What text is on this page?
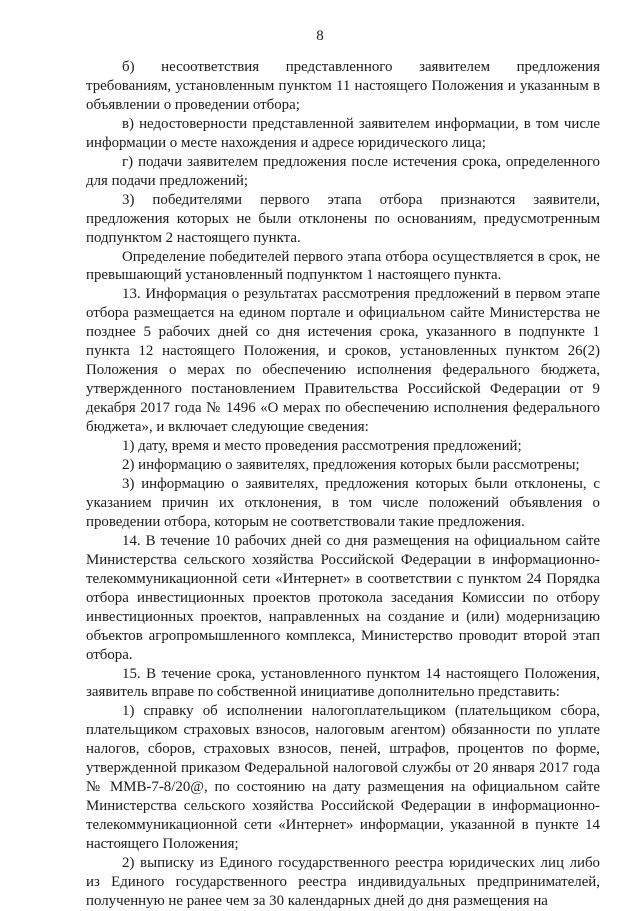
8

б)   несоответствия   представленного   заявителем   предложения требованиям, установленным пунктом 11 настоящего Положения и указанным в объявлении о проведении отбора;

в) недостоверности представленной заявителем информации, в том числе информации о месте нахождения и адресе юридического лица;

г) подачи заявителем предложения после истечения срока, определенного для подачи предложений;

3)   победителями   первого   этапа   отбора   признаются   заявители, предложения которых не были отклонены по основаниям, предусмотренным подпунктом 2 настоящего пункта.

Определение победителей первого этапа отбора осуществляется в срок, не превышающий установленный подпунктом 1 настоящего пункта.

13. Информация о результатах рассмотрения предложений в первом этапе отбора размещается на едином портале и официальном сайте Министерства не позднее 5 рабочих дней со дня истечения срока, указанного в подпункте 1 пункта 12 настоящего Положения, и сроков, установленных пунктом 26(2) Положения о мерах по обеспечению исполнения федерального бюджета, утвержденного постановлением Правительства Российской Федерации от 9 декабря 2017 года № 1496 «О мерах по обеспечению исполнения федерального бюджета», и включает следующие сведения:

1) дату, время и место проведения рассмотрения предложений;

2) информацию о заявителях, предложения которых были рассмотрены;

3) информацию о заявителях, предложения которых были отклонены, с указанием причин их отклонения, в том числе положений объявления о проведении отбора, которым не соответствовали такие предложения.

14. В течение 10 рабочих дней со дня размещения на официальном сайте Министерства сельского хозяйства Российской Федерации в информационно-телекоммуникационной сети «Интернет» в соответствии с пунктом 24 Порядка отбора инвестиционных проектов протокола заседания Комиссии по отбору инвестиционных проектов, направленных на создание и (или) модернизацию объектов агропромышленного комплекса, Министерство проводит второй этап отбора.

15. В течение срока, установленного пунктом 14 настоящего Положения, заявитель вправе по собственной инициативе дополнительно представить:

1) справку об исполнении налогоплательщиком (плательщиком сбора, плательщиком страховых взносов, налоговым агентом) обязанности по уплате налогов, сборов, страховых взносов, пеней, штрафов, процентов по форме, утвержденной приказом Федеральной налоговой службы от 20 января 2017 года № ММВ-7-8/20@, по состоянию на дату размещения на официальном сайте Министерства сельского хозяйства Российской Федерации в информационно-телекоммуникационной сети «Интернет» информации, указанной в пункте 14 настоящего Положения;

2) выписку из Единого государственного реестра юридических лиц либо из Единого государственного реестра индивидуальных предпринимателей, полученную не ранее чем за 30 календарных дней до дня размещения на
